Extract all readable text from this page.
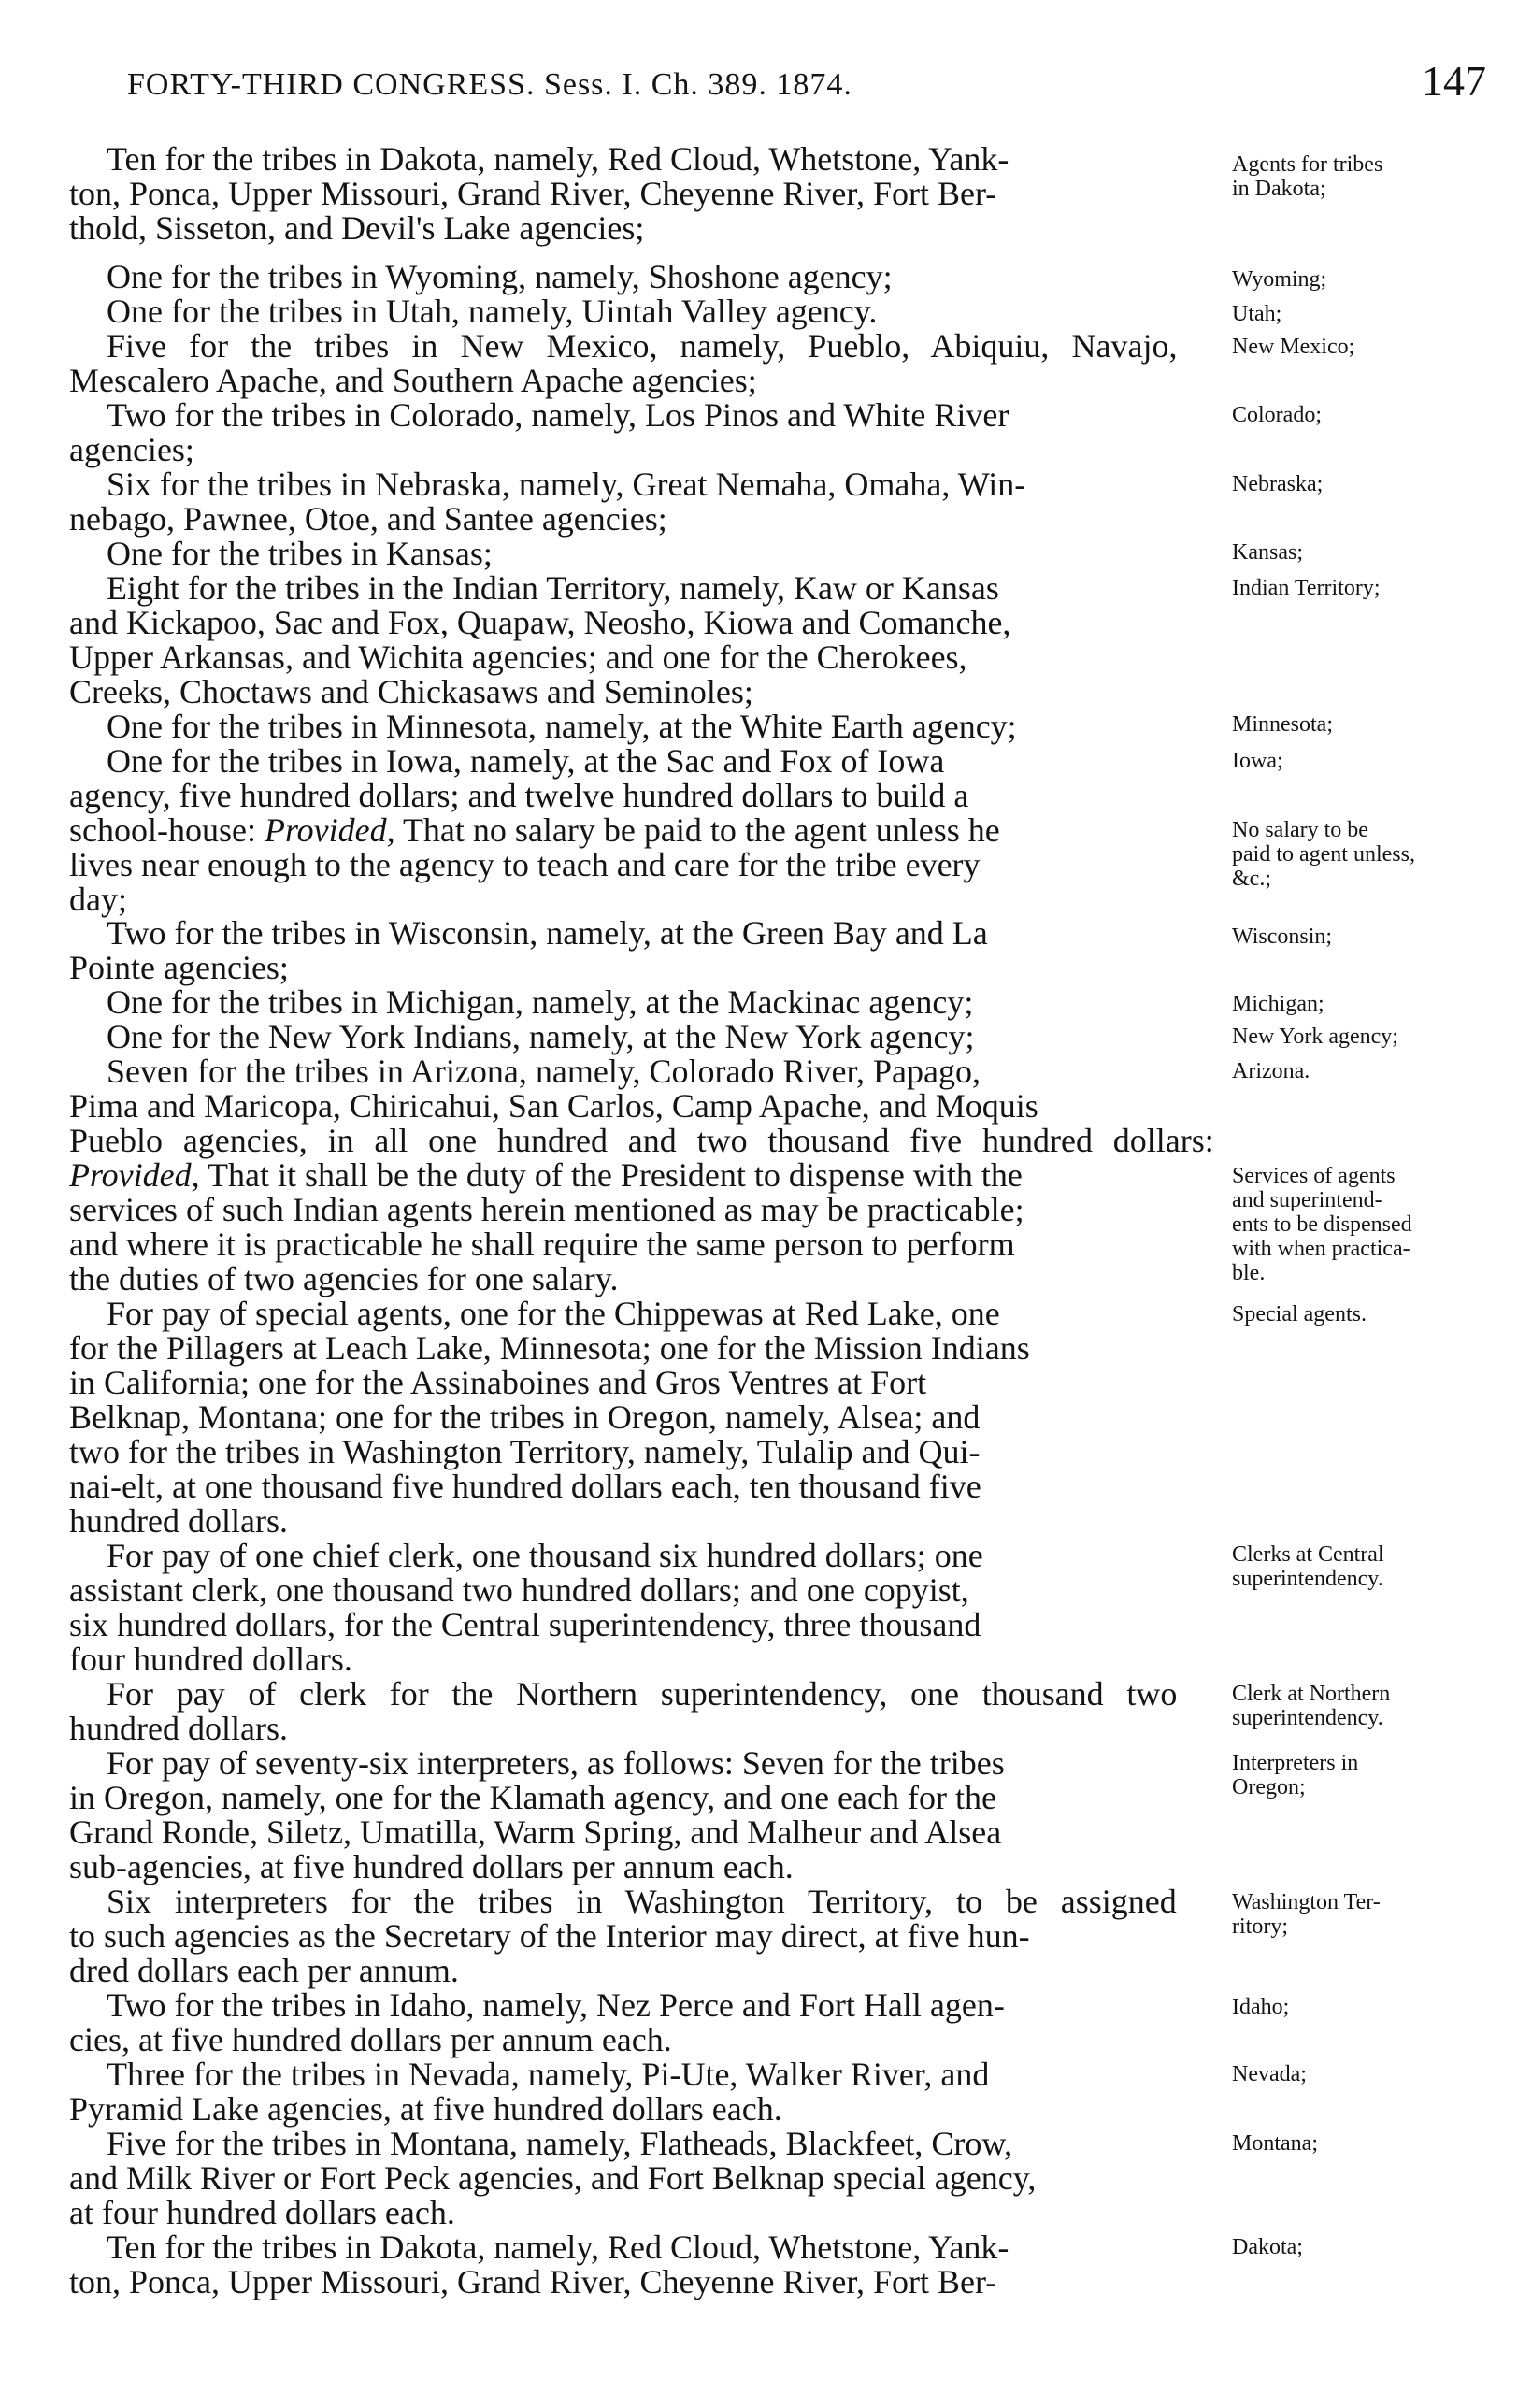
FORTY-THIRD CONGRESS. Sess. I. Ch. 389. 1874.	147
Ten for the tribes in Dakota, namely, Red Cloud, Whetstone, Yank-
ton, Ponca, Upper Missouri, Grand River, Cheyenne River, Fort Ber-
thold, Sisseton, and Devil's Lake agencies;
One for the tribes in Wyoming, namely, Shoshone agency;
One for the tribes in Utah, namely, Uintah Valley agency.
Five for the tribes in New Mexico, namely, Pueblo, Abiquiu, Navajo,
Mescalero Apache, and Southern Apache agencies;
Two for the tribes in Colorado, namely, Los Pinos and White River
agencies;
Six for the tribes in Nebraska, namely, Great Nemaha, Omaha, Win-
nebago, Pawnee, Otoe, and Santee agencies;
One for the tribes in Kansas;
Eight for the tribes in the Indian Territory, namely, Kaw or Kansas
and Kickapoo, Sac and Fox, Quapaw, Neosho, Kiowa and Comanche,
Upper Arkansas, and Wichita agencies; and one for the Cherokees,
Creeks, Choctaws and Chickasaws and Seminoles;
One for the tribes in Minnesota, namely, at the White Earth agency;
One for the tribes in Iowa, namely, at the Sac and Fox of Iowa
agency, five hundred dollars; and twelve hundred dollars to build a
school-house: Provided, That no salary be paid to the agent unless he
lives near enough to the agency to teach and care for the tribe every
day;
Two for the tribes in Wisconsin, namely, at the Green Bay and La
Pointe agencies;
One for the tribes in Michigan, namely, at the Mackinac agency;
One for the New York Indians, namely, at the New York agency;
Seven for the tribes in Arizona, namely, Colorado River, Papago,
Pima and Maricopa, Chiricahui, San Carlos, Camp Apache, and Moquis
Pueblo agencies, in all one hundred and two thousand five hundred dollars:
Provided, That it shall be the duty of the President to dispense with the
services of such Indian agents herein mentioned as may be practicable;
and where it is practicable he shall require the same person to perform
the duties of two agencies for one salary.
For pay of special agents, one for the Chippewas at Red Lake, one
for the Pillagers at Leach Lake, Minnesota; one for the Mission Indians
in California; one for the Assinaboines and Gros Ventres at Fort
Belknap, Montana; one for the tribes in Oregon, namely, Alsea; and
two for the tribes in Washington Territory, namely, Tulalip and Qui-
nai-elt, at one thousand five hundred dollars each, ten thousand five
hundred dollars.
For pay of one chief clerk, one thousand six hundred dollars; one
assistant clerk, one thousand two hundred dollars; and one copyist,
six hundred dollars, for the Central superintendency, three thousand
four hundred dollars.
For pay of clerk for the Northern superintendency, one thousand two
hundred dollars.
For pay of seventy-six interpreters, as follows: Seven for the tribes
in Oregon, namely, one for the Klamath agency, and one each for the
Grand Ronde, Siletz, Umatilla, Warm Spring, and Malheur and Alsea
sub-agencies, at five hundred dollars per annum each.
Six interpreters for the tribes in Washington Territory, to be assigned
to such agencies as the Secretary of the Interior may direct, at five hun-
dred dollars each per annum.
Two for the tribes in Idaho, namely, Nez Perce and Fort Hall agen-
cies, at five hundred dollars per annum each.
Three for the tribes in Nevada, namely, Pi-Ute, Walker River, and
Pyramid Lake agencies, at five hundred dollars each.
Five for the tribes in Montana, namely, Flatheads, Blackfeet, Crow,
and Milk River or Fort Peck agencies, and Fort Belknap special agency,
at four hundred dollars each.
Ten for the tribes in Dakota, namely, Red Cloud, Whetstone, Yank-
ton, Ponca, Upper Missouri, Grand River, Cheyenne River, Fort Ber-
Agents for tribes
in Dakota;
Wyoming;
Utah;
New Mexico;
Colorado;
Nebraska;
Kansas;
Indian Territory;
Minnesota;
Iowa;
No salary to be
paid to agent unless,
&c.;
Wisconsin;
Michigan;
New York agency;
Arizona.
Services of agents
and superintend-
ents to be dispensed
with when practica-
ble.
Special agents.
Clerks at Central
superintendency.
Clerk at Northern
superintendency.
Interpreters in
Oregon;
Washington Ter-
ritory;
Idaho;
Nevada;
Montana;
Dakota;
